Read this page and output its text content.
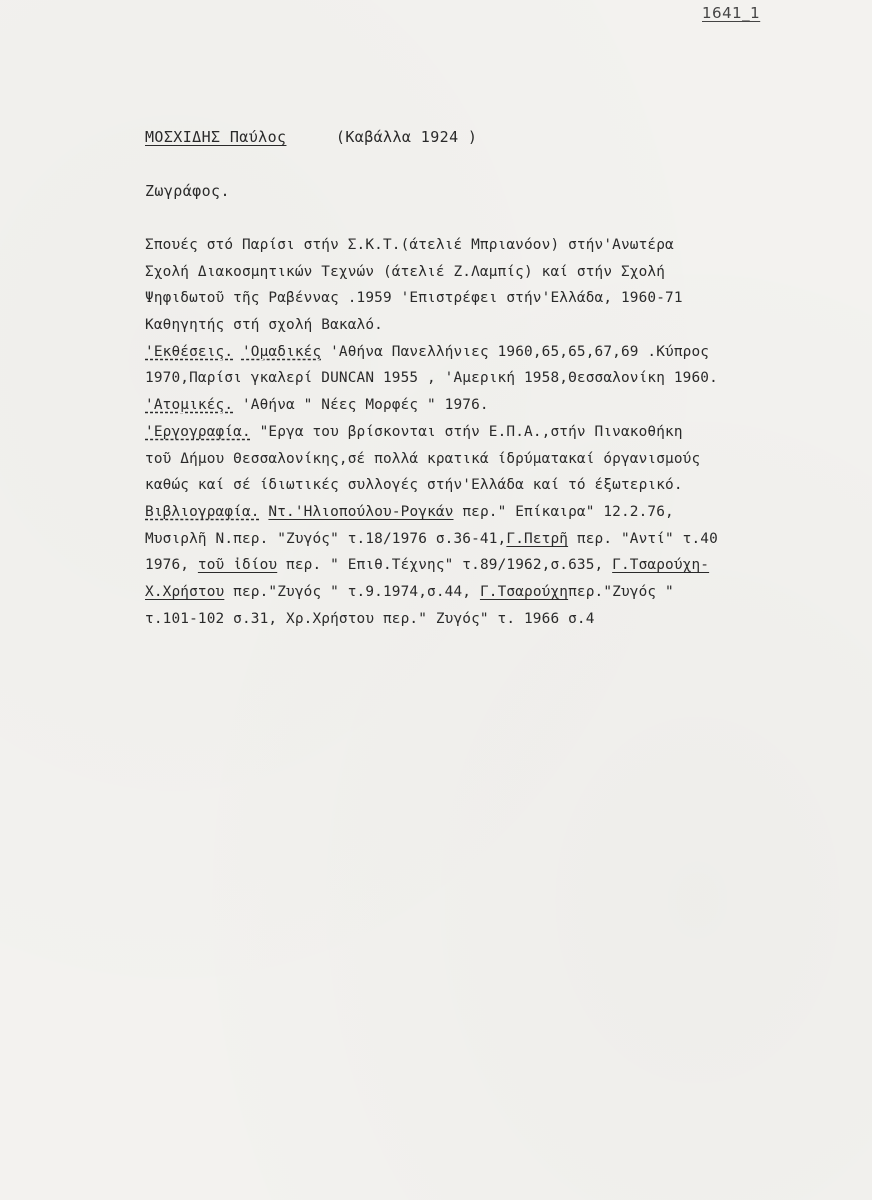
1641_1
ΜΟΣΧΙΔΗΣ Παύλος	(Καβάλλα 1924 )
Ζωγράφος.
Σπουές στό Παρίσι στήν Σ.Κ.Τ.(άτελιέ Μπριανόον) στήν'Ανωτέρα
Σχολή Διακοσμητικών Τεχνών (άτελιέ Ζ.Λαμπίς) καί στήν Σχολή
Ψηφιδωτοῦ τῆς Ραβέννας .1959 'Επιστρέφει στήν'Ελλάδα, 1960-71
Καθηγητής στή σχολή Βακαλό.
'Εκθέσεις. 'Ομαδικές 'Αθήνα Πανελλήνιες 1960,65,65,67,69 .Κύπρος
1970,Παρίσι γκαλερί DUNCAN 1955 , 'Αμερική 1958,Θεσσαλονίκη 1960.
'Ατομικές. 'Αθήνα " Νέες Μορφές " 1976.
'Εργογραφία. "Εργα του βρίσκονται στήν Ε.Π.Α.,στήν Πινακοθήκη
τοῦ Δήμου Θεσσαλονίκης,σέ πολλά κρατικά ίδρύματακαί όργανισμούς
καθώς καί σέ ίδιωτικές συλλογές στήν'Ελλάδα καί τό έξωτερικό.
Βιβλιογραφία. Ντ.'Ηλιοπούλου-Ρογκάν περ." Επίκαιρα" 12.2.76,
Μυσιρλῆ Ν.περ. "Ζυγός" τ.18/1976 σ.36-41,Γ.Πετρῆ περ. "Αντί" τ.40
1976, τοῦ ἰδίου περ. " Επιθ.Τέχνης" τ.89/1962,σ.635, Γ.Τσαρούχη-
Χ.Χρήστου περ."Ζυγός " τ.9.1974,σ.44, Γ.Τσαρούχηπερ."Ζυγός "
τ.101-102 σ.31, Χρ.Χρήστου περ." Ζυγός" τ. 1966 σ.4
